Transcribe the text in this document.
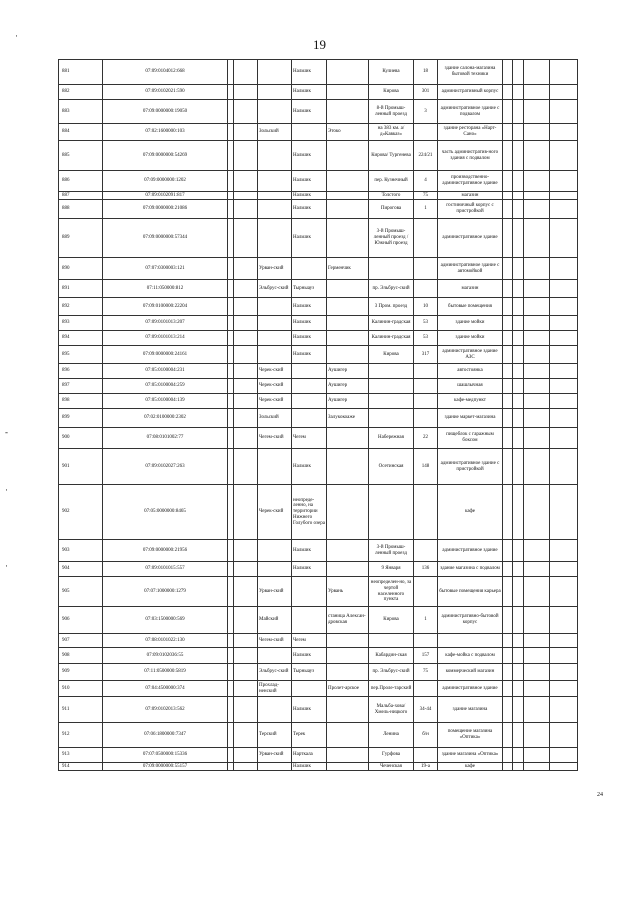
19
·
-
·
·
881	07:09:0104012:668				Нальчик		Кулиева	18	здание салона-магазина бытовой техники				
882	07:09:0102021:590				Нальчик		Кирова	301	административный корпус				
883	07:09:0000000:19050				Нальчик		8-й Промыш-ленный проезд	3	административное здание с подвалом				
884	07:02:1600000:103			Зольский		Этоко	на 383 км. а/д«Кавказ»		здание ресторана «Нарт-Сано»				
885	07:09:0000000:54269				Нальчик		Кирова/ Тургенева	224/21	часть административ-ного здания с подвалом				
886	07:09:0000000:1202				Нальчик		пер. Кузнечный	4	производственно-административное здание				
887	07:09:0102091:817				Нальчик		Толстого	75	магазин				
888	07:09:0000000:21086				Нальчик		Пирогова	1	гостиничный корпус с пристройкой				
889	07:09:0000000:57344				Нальчик		3-й Промыш-ленный проезд /Южный проезд		административное здание				
890	07:07:0300003:121			Урван-ский		Герменчик			административное здание с автомойкой				
891	07:11:050000:812			Эльбрус-ский	Тырныауз		пр. Эльбрус-ский		магазин				
892	07:09:0100000:22204				Нальчик		3 Пром. проезд	10	бытовые помещения				
893	07:09:0101013:207				Нальчик		Калинин-градская	53	здание мойки				
894	07:09:0101013:214				Нальчик		Калинин-градская	53	здание мойки				
895	07:09:0000000:24161				Нальчик		Кирова	317	административное здание АЗС				
896	07:05:0100004:231			Черек-ский		Аушигер			автостоянка				
897	07:05:0100004:259			Черек-ский		Аушигер			шашлычная				
898	07:05:0100004:139			Черек-ский		Аушигер			кафе-медпункт				
899	07:02:0100000:2302			Зольский		Залукокоаже			здание маркет-магазина				
900	07:08:0101002:77			Чегем-ский	Чегем		Набережная	22	пищеблок с гаражным боксом				
901	07:09:0102027:263				Нальчик		Осетинская	148	административное здание с пристройкой				
902	07:05:0000000:8465			Черек-ский	неопреде-ленно, на территории Нижнего Голубого озера				кафе				
903	07:09:0000000:21956				Нальчик		3-й Промыш-ленный проезд		административное здание				
904	07:09:0101015:557				Нальчик		9 Января	136	здание магазина с подвалом				
905	07:07:1000000:1279			Урван-ский		Урвань	неопределен-но, за чертой населенного пункта		бытовые помещения карьера				
906	07:03:1500000:569			Майский		станица Алексан-дровская	Кирова	1	административно-бытовой корпус				
907	07:08:0101022:130			Чегем-ский	Чегем								
908	07:09:0102036:55				Нальчик		Кабардин-ская	157	кафе-мойка с подвалом				
909	07:11:0500000:5819			Эльбрус-ский	Тырныауз		пр. Эльбрус-ский	75	коммерческий магазин				
910	07:04:4500000:374			Прохлад-ненский		Пролет-арское	пер.Проле-тарский		административное здание				
911	07:09:0102013:562				Нальчик		Мальба-хова/Хмель-ницкого	34-44	здание магазина				
912	07:06:1800000:7347			Терский	Терек		Ленина	б/н	помещение магазина «Оптика»				
913	07:07:0500000:15336			Урван-ский	Нарткала		Гурфова		здание магазина «Оптика»				
914	07:09:0000000:55157				Нальчик		Чеченская	19-а	кафе				
24
